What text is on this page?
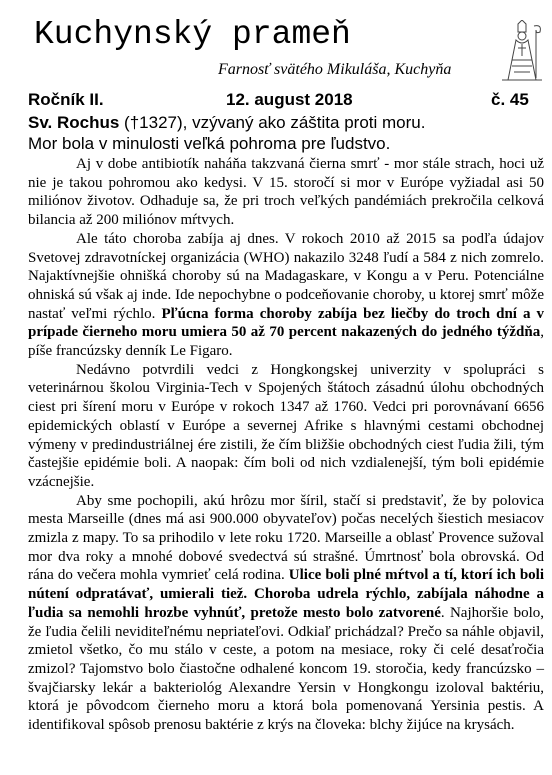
Kuchynský prameň
Farnosť svätého Mikuláša, Kuchyňa
Ročník II.	12. august 2018	č. 45
Sv. Rochus (†1327), vzývaný ako záštita proti moru.
Mor bola v minulosti veľká pohroma pre ľudstvo.

Aj v dobe antibiotík naháňa takzvaná čierna smrť - mor stále strach, hoci už nie je takou pohromou ako kedysi. V 15. storočí si mor v Európe vyžiadal asi 50 miliónov životov. Odhaduje sa, že pri troch veľkých pandémiách prekročila celková bilancia až 200 miliónov mŕtvych.

Ale táto choroba zabíja aj dnes. V rokoch 2010 až 2015 sa podľa údajov Svetovej zdravotníckej organizácia (WHO) nakazilo 3248 ľudí a 584 z nich zomrelo. Najaktívnejšie ohnišká choroby sú na Madagaskare, v Kongu a v Peru. Potenciálne ohniská sú však aj inde. Ide nepochybne o podceňovanie choroby, u ktorej smrť môže nastať veľmi rýchlo. Pľúcna forma choroby zabíja bez liečby do troch dní a v prípade čierneho moru umiera 50 až 70 percent nakazených do jedného týždňa, píše francúzsky denník Le Figaro.

Nedávno potvrdili vedci z Hongkongskej univerzity v spolupráci s veterinárnou školou Virginia-Tech v Spojených štátoch zásadnú úlohu obchodných ciest pri šírení moru v Európe v rokoch 1347 až 1760. Vedci pri porovnávaní 6656 epidemických oblastí v Európe a severnej Afrike s hlavnými cestami obchodnej výmeny v predindustriálnej ére zistili, že čím bližšie obchodných ciest ľudia žili, tým častejšie epidémie boli. A naopak: čím boli od nich vzdialenejší, tým boli epidémie vzácnejšie.

Aby sme pochopili, akú hrôzu mor šíril, stačí si predstaviť, že by polovica mesta Marseille (dnes má asi 900.000 obyvateľov) počas necelých šiestich mesiacov zmizla z mapy. To sa prihodilo v lete roku 1720. Marseille a oblasť Provence sužoval mor dva roky a mnohé dobové svedectvá sú strašné. Úmrtnosť bola obrovská. Od rána do večera mohla vymrieť celá rodina. Ulice boli plné mŕtvol a tí, ktorí ich boli nútení odpratávať, umierali tiež. Choroba udrela rýchlo, zabíjala náhodne a ľudia sa nemohli hrozbe vyhnúť, pretože mesto bolo zatvorené. Najhoršie bolo, že ľudia čelili neviditeľnému nepriateľovi. Odkiaľ prichádzal? Prečo sa náhle objavil, zmietol všetko, čo mu stálo v ceste, a potom na mesiace, roky či celé desaťročia zmizol? Tajomstvo bolo čiastočne odhalené koncom 19. storočia, kedy francúzsko – švajčiarsky lekár a bakteriológ Alexandre Yersin v Hongkongu izoloval baktériu, ktorá je pôvodcom čierneho moru a ktorá bola pomenovaná Yersinia pestis. A identifikoval spôsob prenosu baktérie z krýs na človeka: blchy žijúce na krysách.
